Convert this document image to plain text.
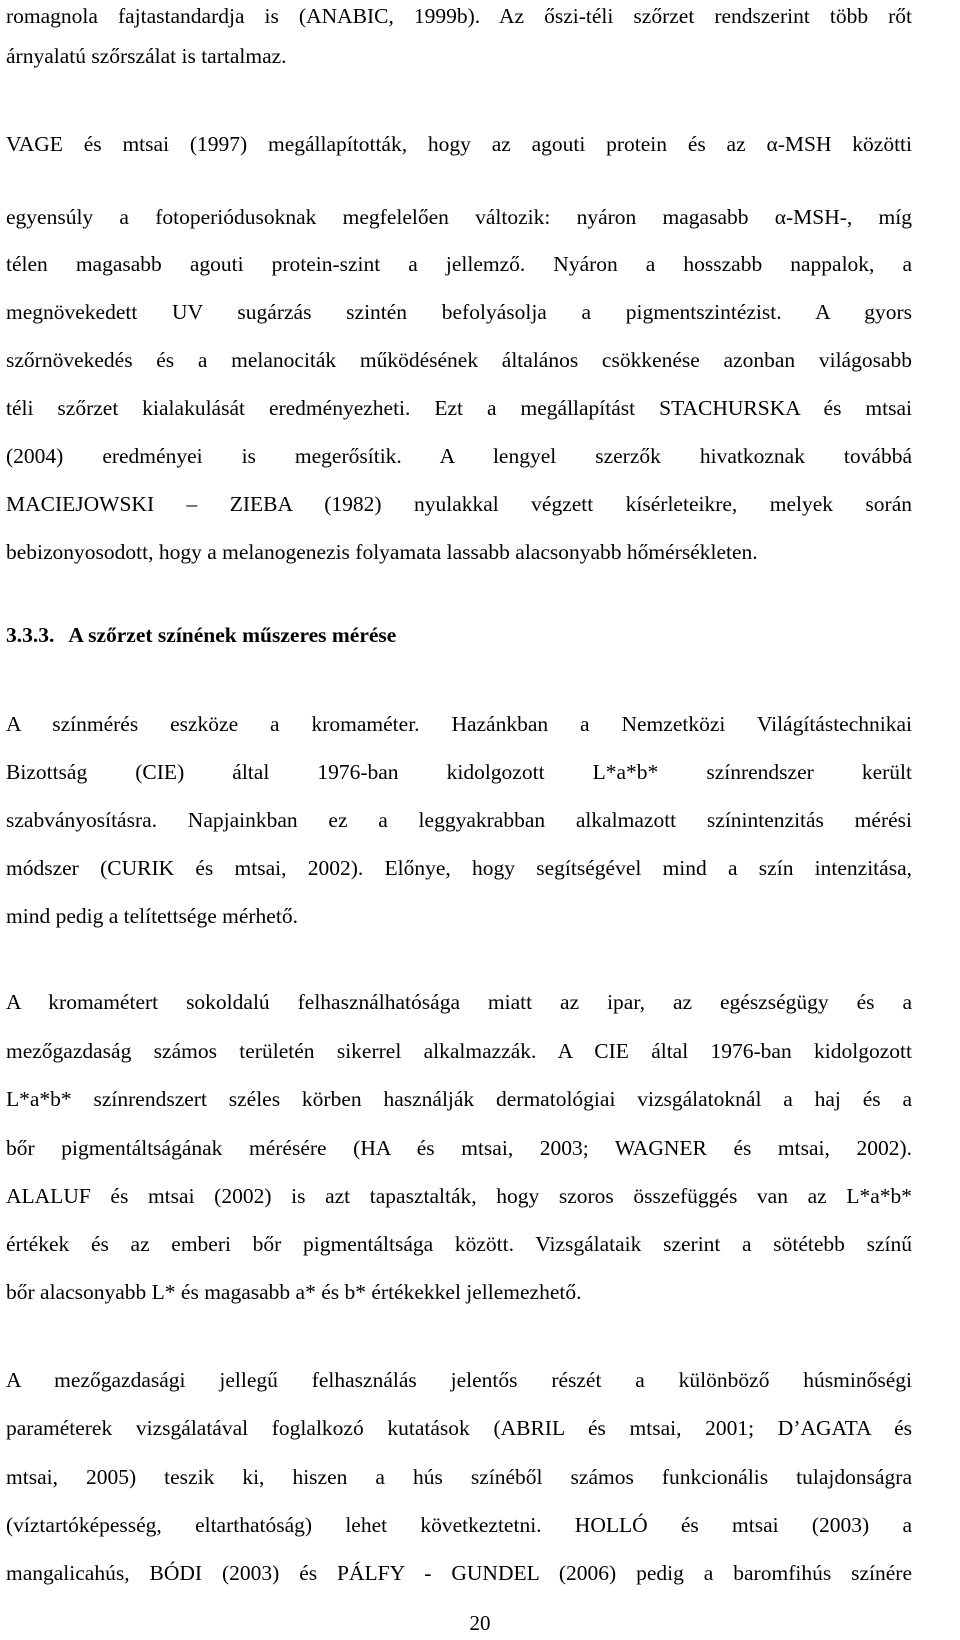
romagnola fajtastandardja is (ANABIC, 1999b). Az őszi-téli szőrzet rendszerint több rőt
árnyalatú szőrszálat is tartalmaz.
VAGE és mtsai (1997) megállapították, hogy az agouti protein és az α-MSH közötti
egyensúly a fotoperiódusoknak megfelelően változik: nyáron magasabb α-MSH-, míg
télen magasabb agouti protein-szint a jellemző. Nyáron a hosszabb nappalok, a
megnövekedett UV sugárzás szintén befolyásolja a pigmentszintézist. A gyors
szőrnövekedés és a melanociták működésének általános csökkenése azonban világosabb
téli szőrzet kialakulását eredményezheti. Ezt a megállapítást STACHURSKA és mtsai
(2004) eredményei is megerősítik. A lengyel szerzők hivatkoznak továbbá
MACIEJOWSKI – ZIEBA (1982) nyulakkal végzett kísérleteikre, melyek során
bebizonyosodott, hogy a melanogenezis folyamata lassabb alacsonyabb hőmérsékleten.
3.3.3. A szőrzet színének műszeres mérése
A színmérés eszköze a kromaméter. Hazánkban a Nemzetközi Világítástechnikai
Bizottság (CIE) által 1976-ban kidolgozott L*a*b* színrendszer került
szabványosításra. Napjainkban ez a leggyakrabban alkalmazott színintenzitás mérési
módszer (CURIK és mtsai, 2002). Előnye, hogy segítségével mind a szín intenzitása,
mind pedig a telítettsége mérhető.
A kromamétert sokoldalú felhasználhatósága miatt az ipar, az egészségügy és a
mezőgazdaság számos területén sikerrel alkalmazzák. A CIE által 1976-ban kidolgozott
L*a*b* színrendszert széles körben használják dermatológiai vizsgálatoknál a haj és a
bőr pigmentáltságának mérésére (HA és mtsai, 2003; WAGNER és mtsai, 2002).
ALALUF és mtsai (2002) is azt tapasztalták, hogy szoros összefüggés van az L*a*b*
értékek és az emberi bőr pigmentáltsága között. Vizsgálataik szerint a sötétebb színű
bőr alacsonyabb L* és magasabb a* és b* értékekkel jellemezhető.
A mezőgazdasági jellegű felhasználás jelentős részét a különböző húsminőségi
paraméterek vizsgálatával foglalkozó kutatások (ABRIL és mtsai, 2001; D’AGATA és
mtsai, 2005) teszik ki, hiszen a hús színéből számos funkcionális tulajdonságra
(víztartóképesség, eltarthatóság) lehet következtetni. HOLLÓ és mtsai (2003) a
mangalicahús, BÓDI (2003) és PÁLFY - GUNDEL (2006) pedig a baromfihús színére
20
